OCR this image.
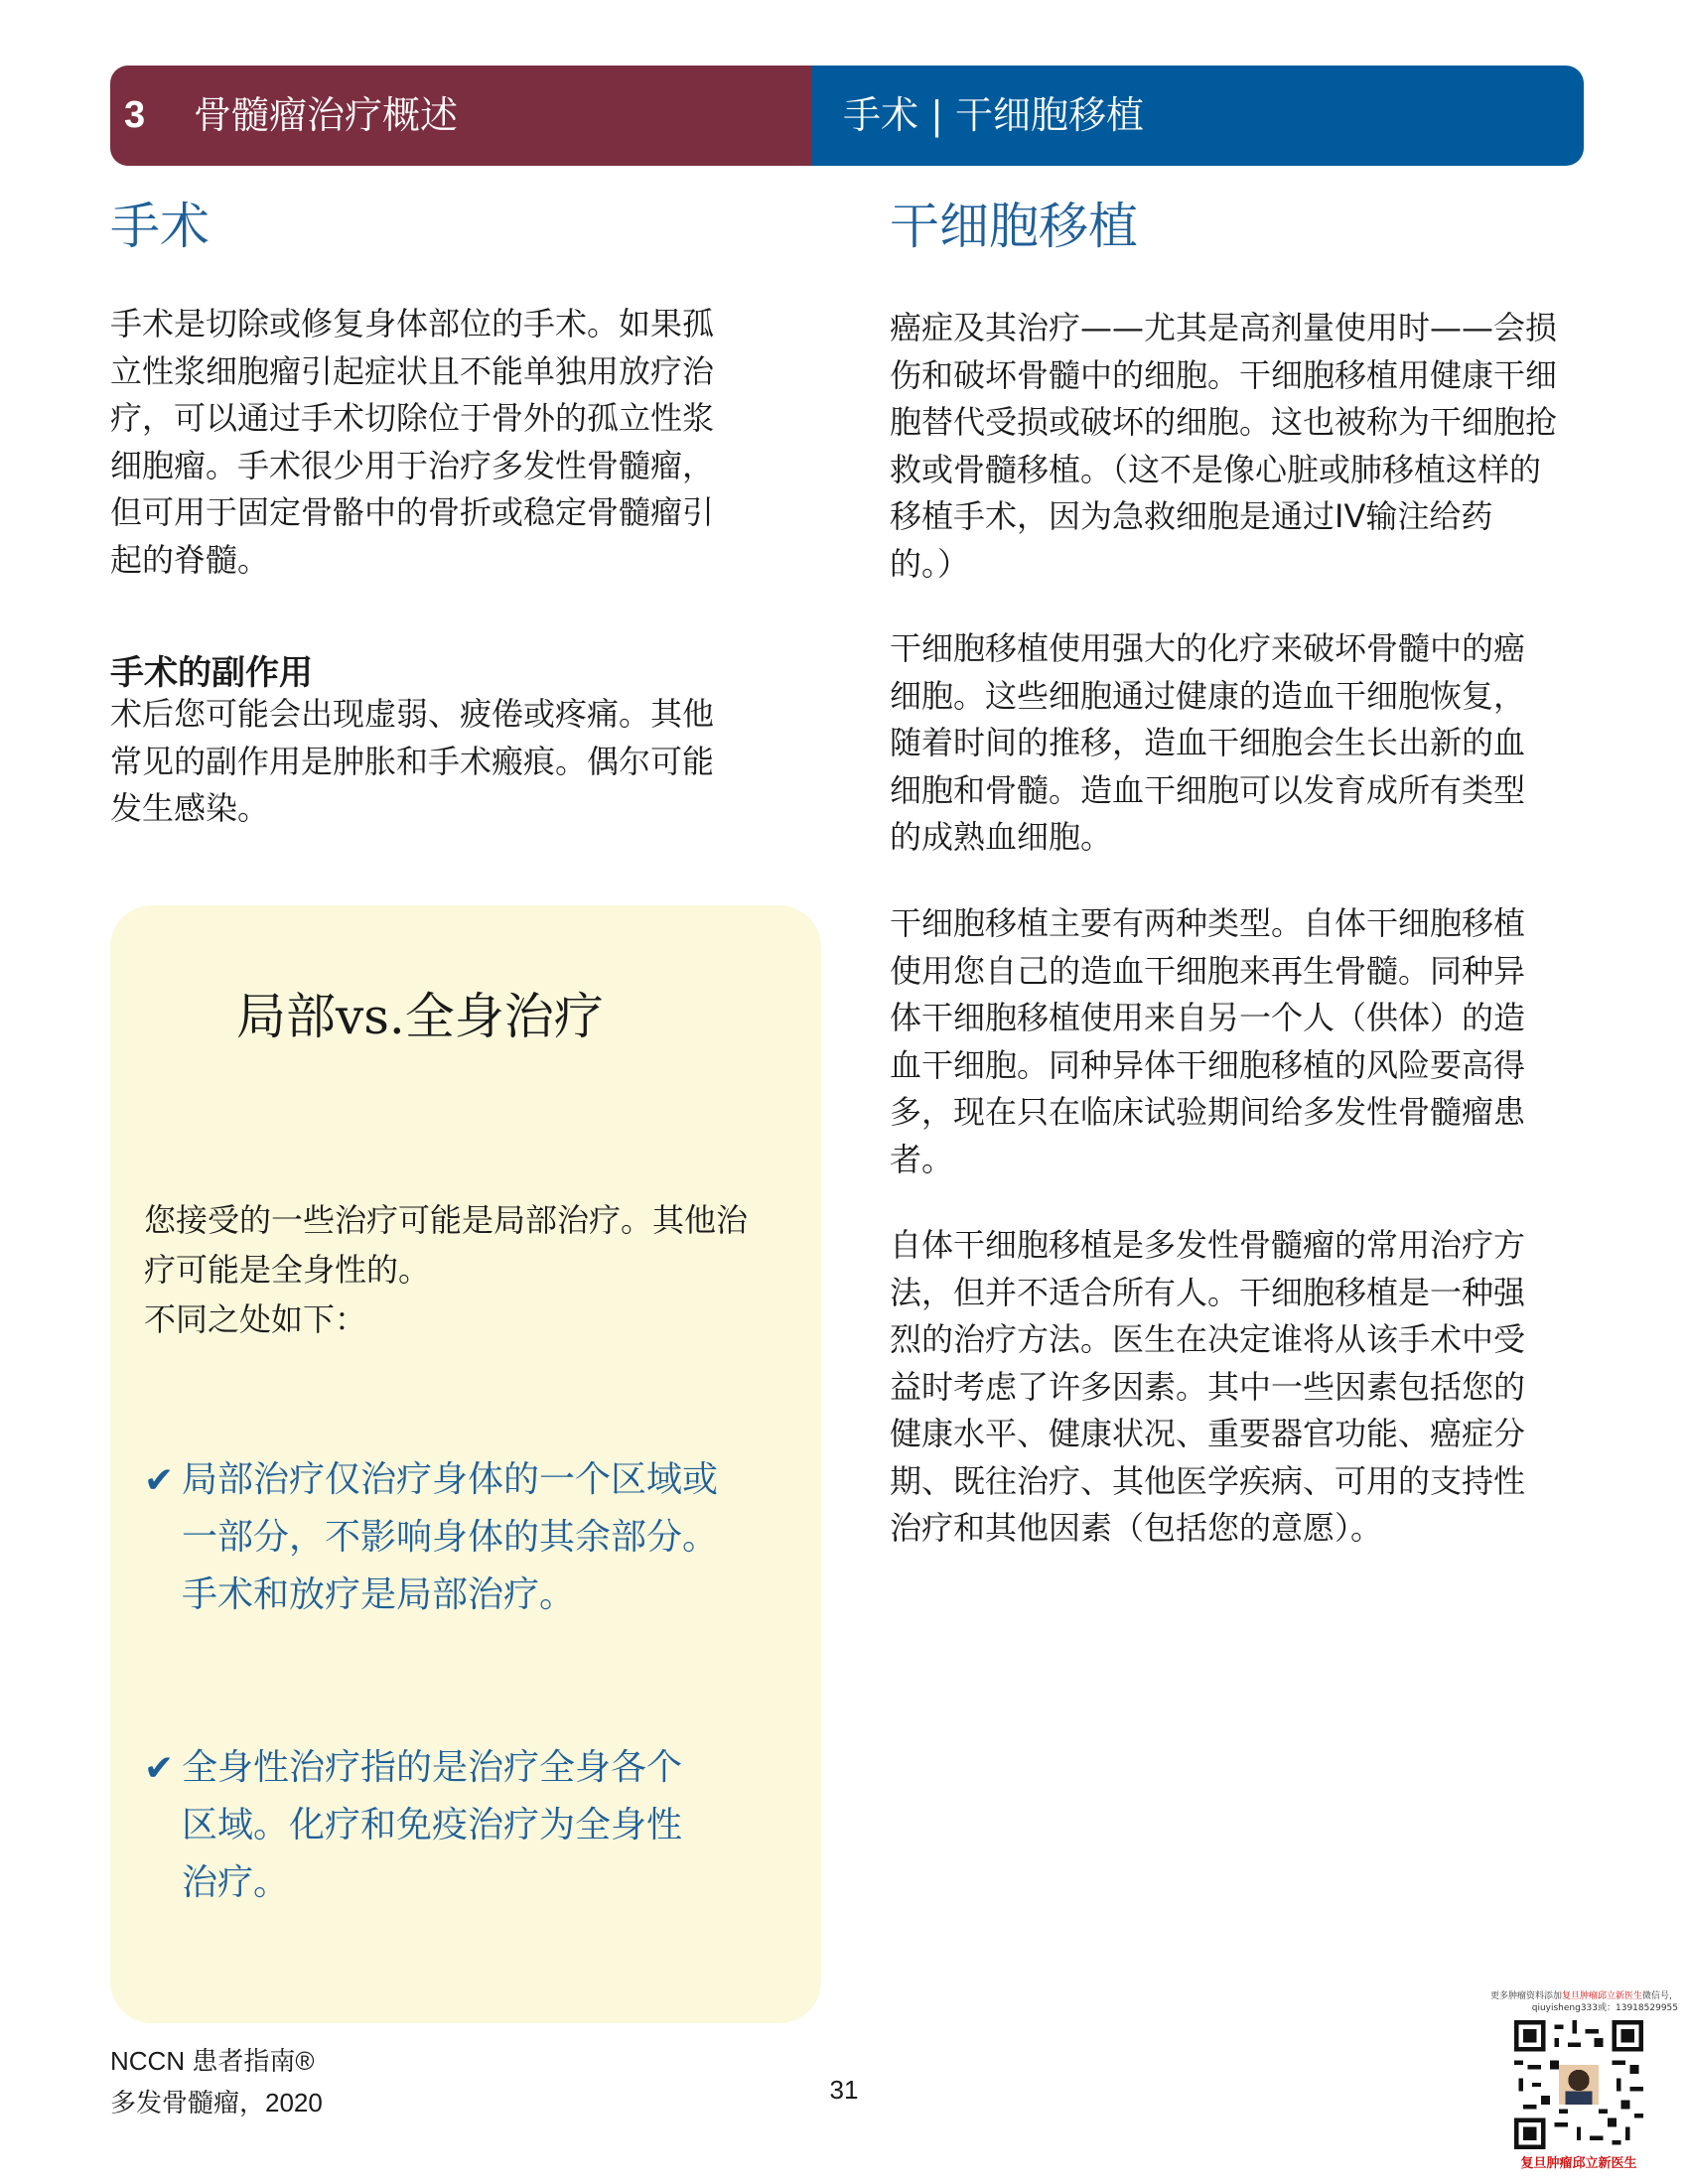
3 骨髓瘤治疗概述	手术 | 干细胞移植
手术
手术是切除或修复身体部位的手术。如果孤
立性浆细胞瘤引起症状且不能单独用放疗治
疗，可以通过手术切除位于骨外的孤立性浆
细胞瘤。手术很少用于治疗多发性骨髓瘤，
但可用于固定骨骼中的骨折或稳定骨髓瘤引
起的脊髓。
手术的副作用
术后您可能会出现虚弱、疲倦或疼痛。其他
常见的副作用是肿胀和手术瘢痕。偶尔可能
发生感染。
局部vs.全身治疗
您接受的一些治疗可能是局部治疗。其他治
疗可能是全身性的。
不同之处如下：
✔ 局部治疗仅治疗身体的一个区域或
一部分，不影响身体的其余部分。
手术和放疗是局部治疗。
✔ 全身性治疗指的是治疗全身各个
区域。化疗和免疫治疗为全身性
治疗。
干细胞移植
癌症及其治疗——尤其是高剂量使用时——会损
伤和破坏骨髓中的细胞。干细胞移植用健康干细
胞替代受损或破坏的细胞。这也被称为干细胞抢
救或骨髓移植。（这不是像心脏或肺移植这样的
移植手术，因为急救细胞是通过IV输注给药
的。）
干细胞移植使用强大的化疗来破坏骨髓中的癌
细胞。这些细胞通过健康的造血干细胞恢复，
随着时间的推移，造血干细胞会生长出新的血
细胞和骨髓。造血干细胞可以发育成所有类型
的成熟血细胞。
干细胞移植主要有两种类型。自体干细胞移植
使用您自己的造血干细胞来再生骨髓。同种异
体干细胞移植使用来自另一个人（供体）的造
血干细胞。同种异体干细胞移植的风险要高得
多，现在只在临床试验期间给多发性骨髓瘤患
者。
自体干细胞移植是多发性骨髓瘤的常用治疗方
法，但并不适合所有人。干细胞移植是一种强
烈的治疗方法。医生在决定谁将从该手术中受
益时考虑了许多因素。其中一些因素包括您的
健康水平、健康状况、重要器官功能、癌症分
期、既往治疗、其他医学疾病、可用的支持性
治疗和其他因素（包括您的意愿）。
NCCN 患者指南®
多发骨髓瘤，2020	31
更多肿瘤资料添加复旦肿瘤邱立新医生微信号，
qiuyisheng333或：13918529955
复旦肿瘤邱立新医生
